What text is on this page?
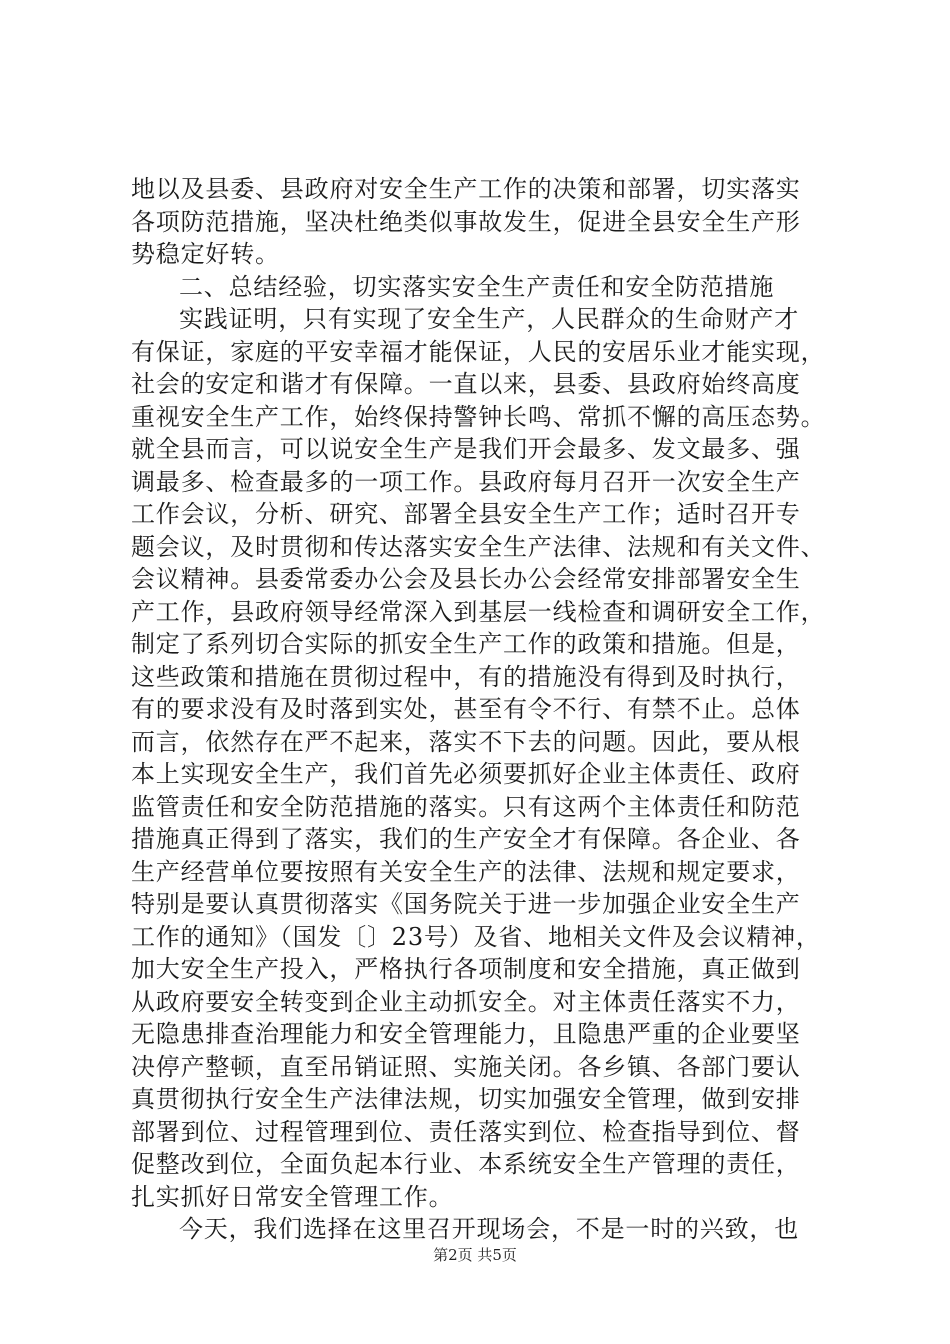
地以及县委、县政府对安全生产工作的决策和部署，切实落实
各项防范措施，坚决杜绝类似事故发生，促进全县安全生产形
势稳定好转。
二、总结经验，切实落实安全生产责任和安全防范措施
实践证明，只有实现了安全生产，人民群众的生命财产才
有保证，家庭的平安幸福才能保证，人民的安居乐业才能实现，
社会的安定和谐才有保障。一直以来，县委、县政府始终高度
重视安全生产工作，始终保持警钟长鸣、常抓不懈的高压态势。
就全县而言，可以说安全生产是我们开会最多、发文最多、强
调最多、检查最多的一项工作。县政府每月召开一次安全生产
工作会议，分析、研究、部署全县安全生产工作；适时召开专
题会议，及时贯彻和传达落实安全生产法律、法规和有关文件、
会议精神。县委常委办公会及县长办公会经常安排部署安全生
产工作，县政府领导经常深入到基层一线检查和调研安全工作，
制定了系列切合实际的抓安全生产工作的政策和措施。但是，
这些政策和措施在贯彻过程中，有的措施没有得到及时执行，
有的要求没有及时落到实处，甚至有令不行、有禁不止。总体
而言，依然存在严不起来，落实不下去的问题。因此，要从根
本上实现安全生产，我们首先必须要抓好企业主体责任、政府
监管责任和安全防范措施的落实。只有这两个主体责任和防范
措施真正得到了落实，我们的生产安全才有保障。各企业、各
生产经营单位要按照有关安全生产的法律、法规和规定要求，
特别是要认真贯彻落实《国务院关于进一步加强企业安全生产
工作的通知》（国发〔〕23号）及省、地相关文件及会议精神，
加大安全生产投入，严格执行各项制度和安全措施，真正做到
从政府要安全转变到企业主动抓安全。对主体责任落实不力，
无隐患排查治理能力和安全管理能力，且隐患严重的企业要坚
决停产整顿，直至吊销证照、实施关闭。各乡镇、各部门要认
真贯彻执行安全生产法律法规，切实加强安全管理，做到安排
部署到位、过程管理到位、责任落实到位、检查指导到位、督
促整改到位，全面负起本行业、本系统安全生产管理的责任，
扎实抓好日常安全管理工作。
今天，我们选择在这里召开现场会，不是一时的兴致，也
第2页 共5页
